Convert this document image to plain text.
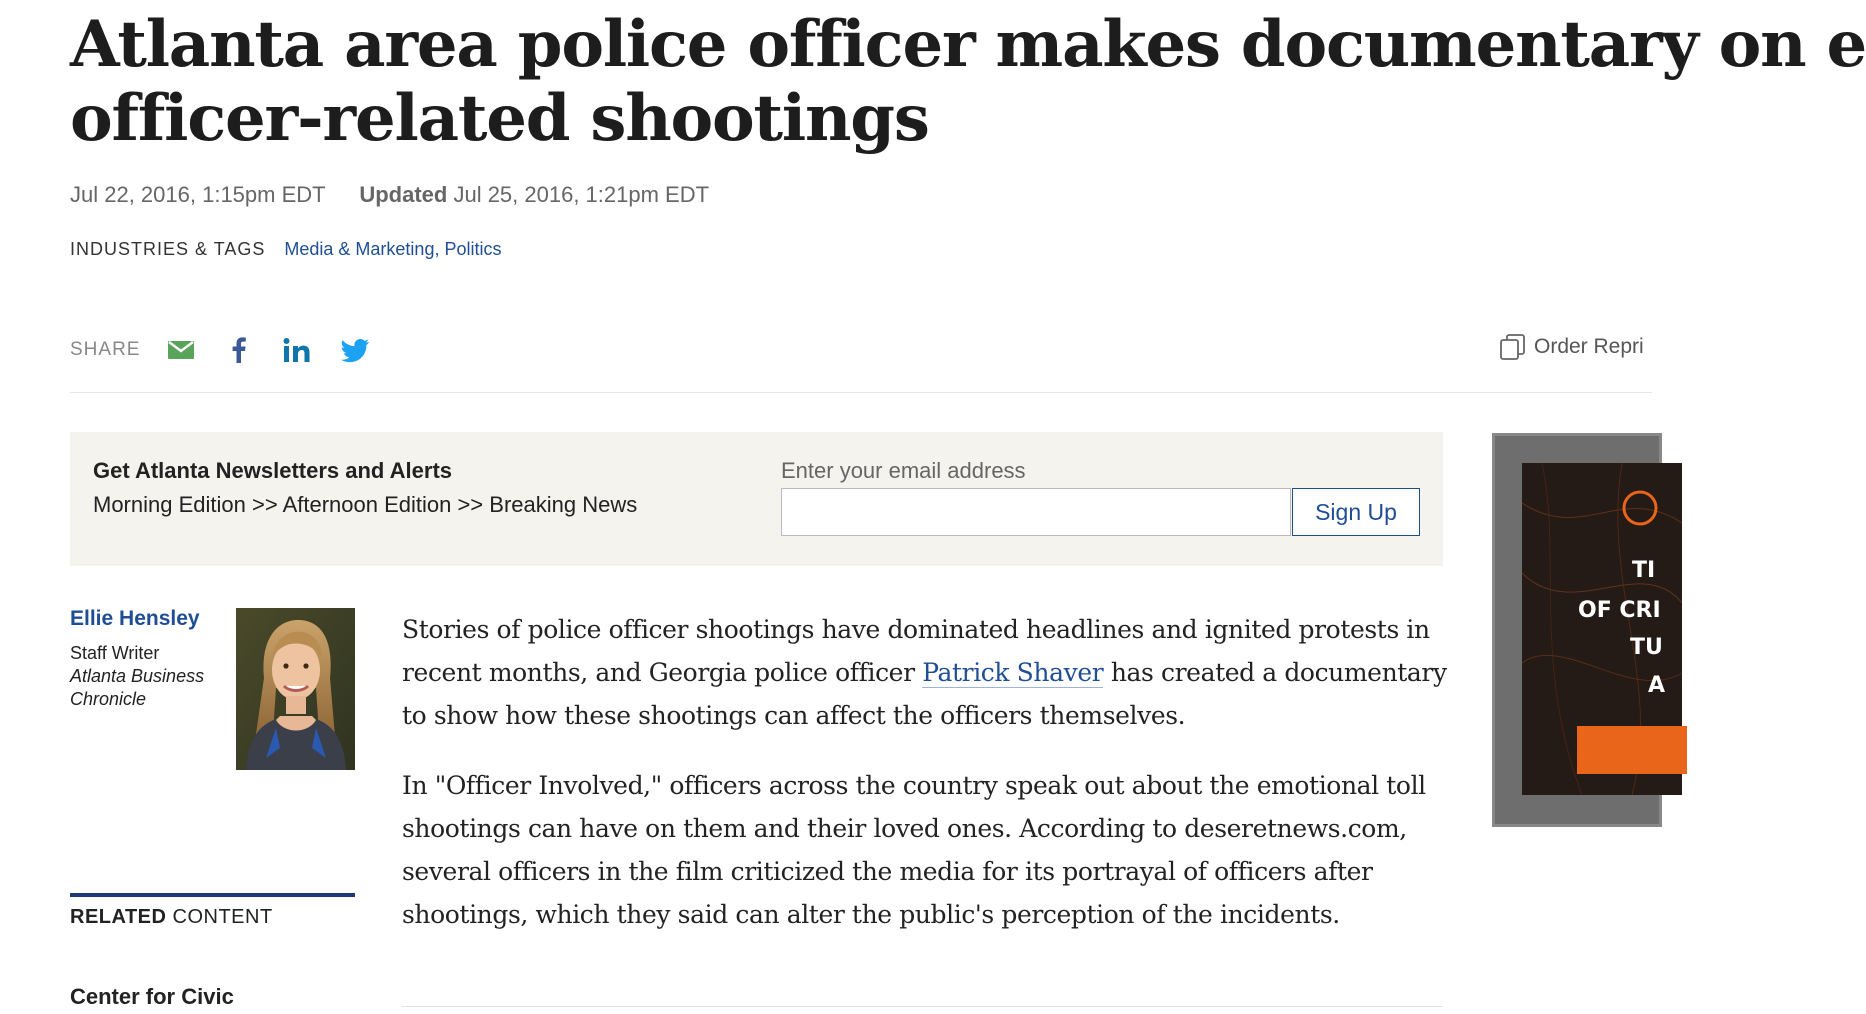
Atlanta area police officer makes documentary on e
officer-related shootings
Jul 22, 2016, 1:15pm EDT Updated Jul 25, 2016, 1:21pm EDT
INDUSTRIES & TAGS Media & Marketing, Politics
SHARE	Order Repri
Get Atlanta Newsletters and Alerts
Morning Edition >> Afternoon Edition >> Breaking News
Enter your email address
Sign Up
Ellie Hensley
Staff Writer
Atlanta Business Chronicle
RELATED CONTENT
Center for Civic

Stories of police officer shootings have dominated headlines and ignited protests in recent months, and Georgia police officer Patrick Shaver has created a documentary to show how these shootings can affect the officers themselves.

In "Officer Involved," officers across the country speak out about the emotional toll shootings can have on them and their loved ones. According to deseretnews.com, several officers in the film criticized the media for its portrayal of officers after shootings, which they said can alter the public's perception of the incidents.

TI
OF CRI
TU
A
